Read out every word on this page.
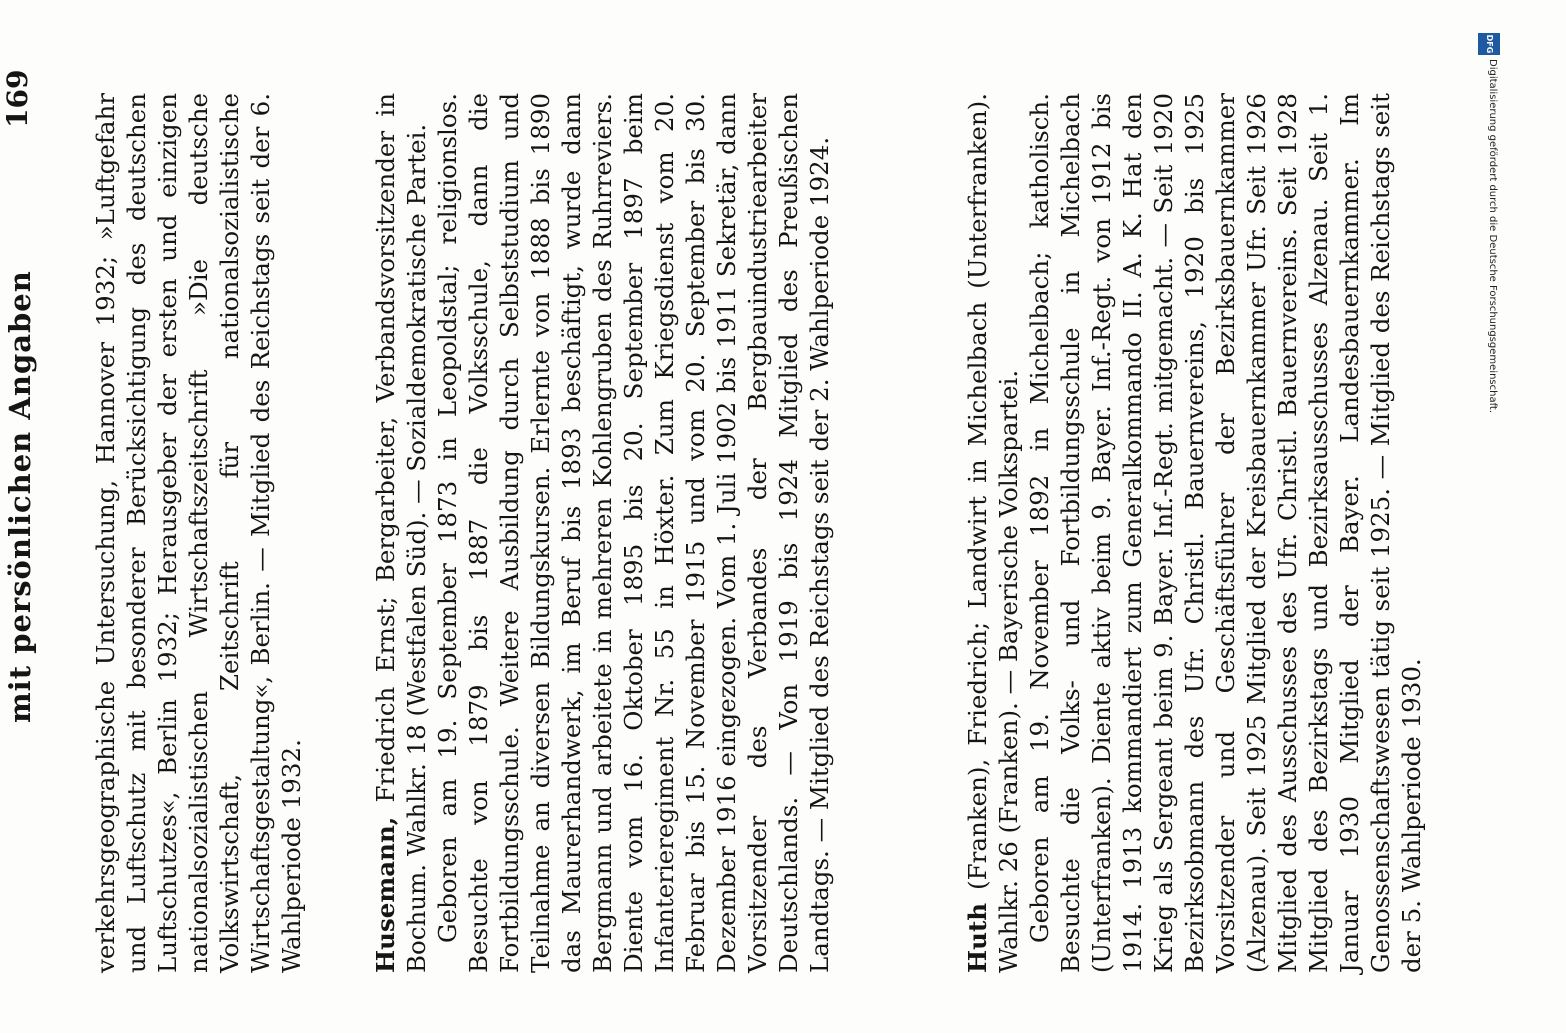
mit persönlichen Angaben
169 verkehrsgeographische Untersuchung, Hannover 1932; »Luftgefahr und Luftschutz mit besonderer Berücksichtigung des deutschen Luftschutzes«, Berlin 1932; Herausgeber der ersten und einzigen nationalsozialistischen Wirtschaftszeitschrift »Die deutsche Volkswirtschaft, Zeitschrift für nationalsozialistische Wirtschaftsgestaltung«, Berlin. — Mitglied des Reichstags seit der 6. Wahlperiode 1932.	Husemann, Friedrich Ernst; Bergarbeiter, Verbandsvorsitzender in Bochum. Wahlkr. 18 (Westfalen Süd). — Sozialdemokratische Partei. Geboren am 19. September 1873 in Leopoldstal; religionslos. Besuchte von 1879 bis 1887 die Volksschule, dann die Fortbildungsschule. Weitere Ausbildung durch Selbststudium und Teilnahme an diversen Bildungskursen. Erlernte von 1888 bis 1890 das Maurerhandwerk, im Beruf bis 1893 beschäftigt, wurde dann Bergmann und arbeitete in mehreren Kohlengruben des Ruhrreviers. Diente vom 16. Oktober 1895 bis 20. September 1897 beim Infanterieregiment Nr. 55 in Höxter. Zum Kriegsdienst vom 20. Februar bis 15. November 1915 und vom 20. September bis 30. Dezember 1916 eingezogen. Vom 1. Juli 1902 bis 1911 Sekretär, dann Vorsitzender des Verbandes der Bergbauindustriearbeiter Deutschlands. — Von 1919 bis 1924 Mitglied des Preußischen Landtags. — Mitglied des Reichstags seit der 2. Wahlperiode 1924.	Huth (Franken), Friedrich; Landwirt in Michelbach (Unterfranken). Wahlkr. 26 (Franken). — Bayerische Volkspartei. Geboren am 19. November 1892 in Michelbach; katholisch. Besuchte die Volks- und Fortbildungsschule in Michelbach (Unterfranken). Diente aktiv beim 9. Bayer. Inf.-Regt. von 1912 bis 1914. 1913 kommandiert zum Generalkommando II. A. K. Hat den Krieg als Sergeant beim 9. Bayer. Inf.-Regt. mitgemacht. — Seit 1920 Bezirksobmann des Ufr. Christl. Bauernvereins, 1920 bis 1925 Vorsitzender und Geschäftsführer der Bezirksbauernkammer (Alzenau). Seit 1925 Mitglied der Kreisbauernkammer Ufr. Seit 1926 Mitglied des Ausschusses des Ufr. Christl. Bauernvereins. Seit 1928 Mitglied des Bezirkstags und Bezirksausschusses Alzenau. Seit 1. Januar 1930 Mitglied der Bayer. Landesbauernkammer. Im Genossenschaftswesen tätig seit 1925. — Mitglied des Reichstags seit der 5. Wahlperiode 1930.

DFG
Digitalisierung gefördert durch die Deutsche Forschungsgemeinschaft.
